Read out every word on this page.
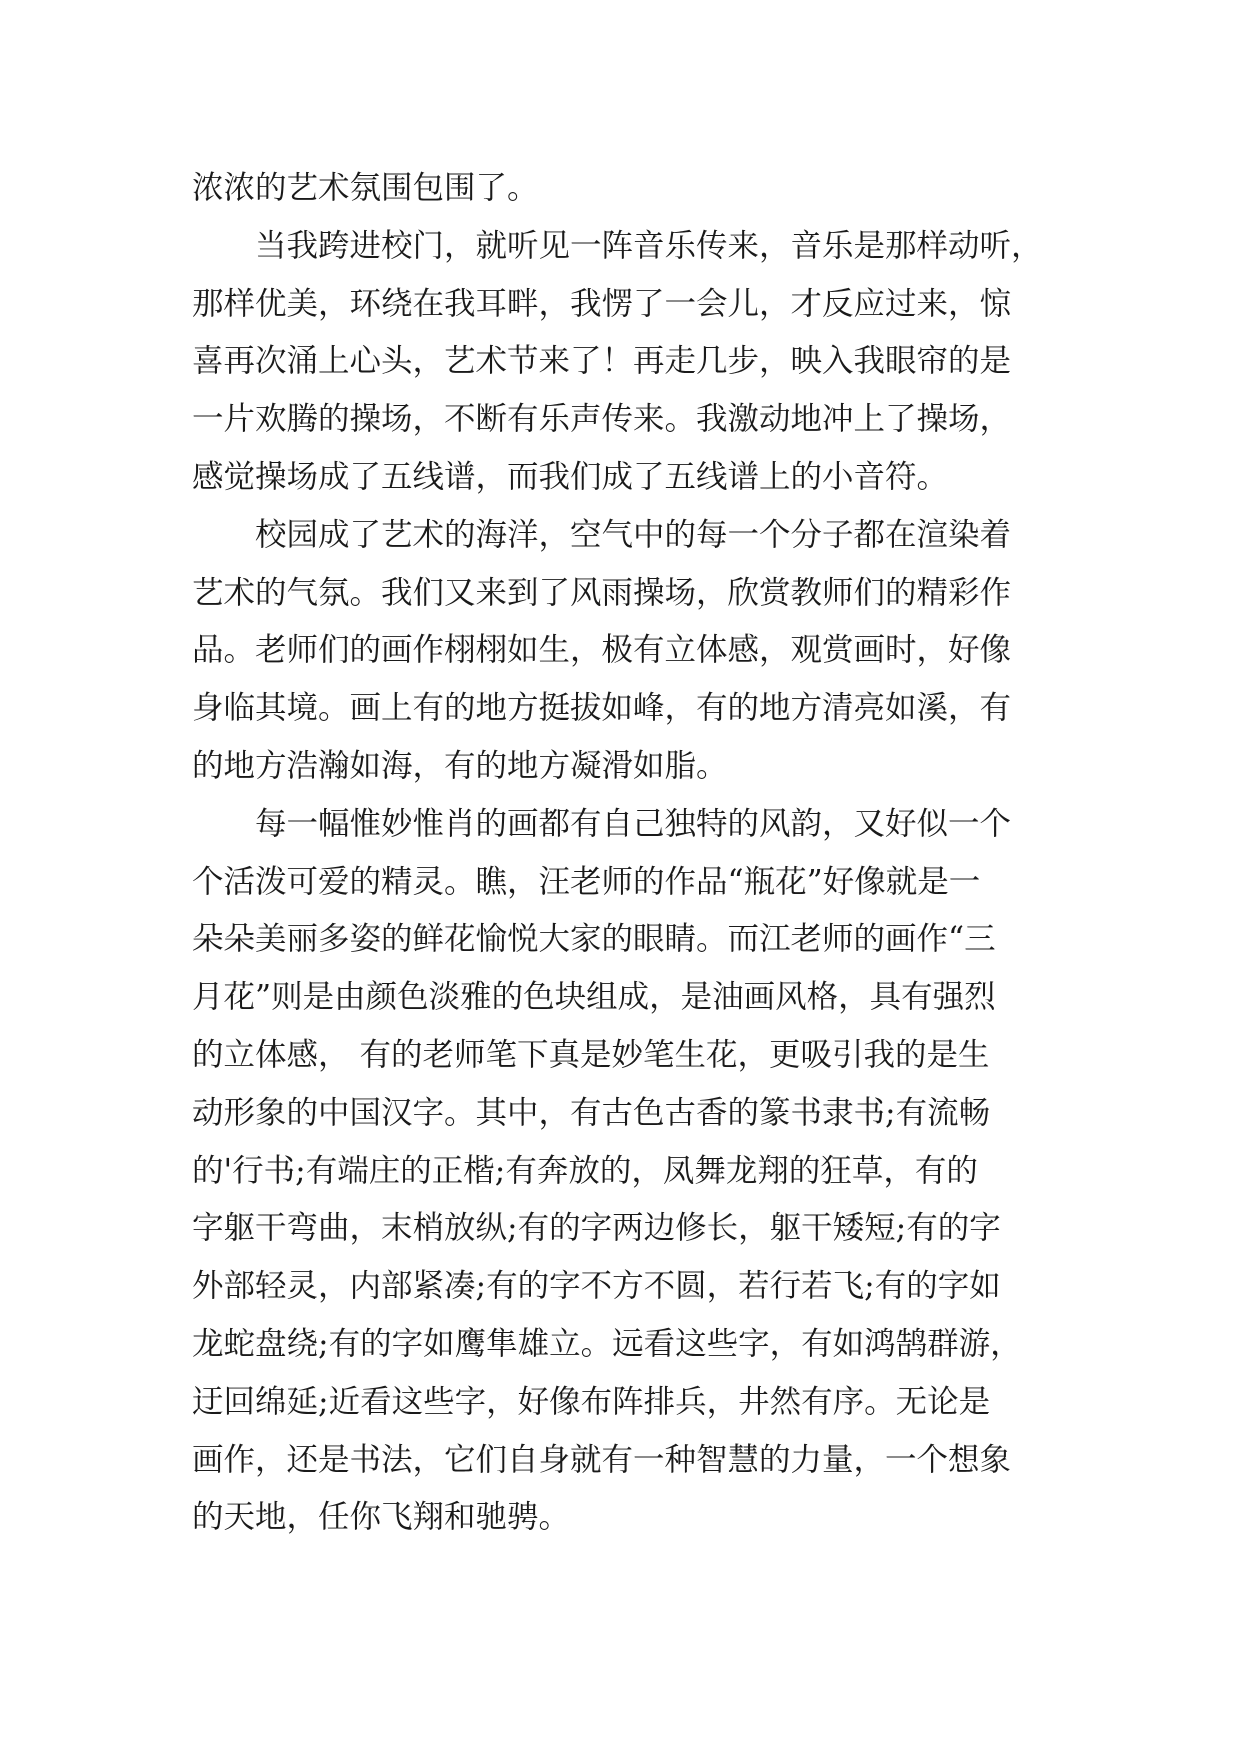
浓浓的艺术氛围包围了。
当我跨进校门，就听见一阵音乐传来，音乐是那样动听，
那样优美，环绕在我耳畔，我愣了一会儿，才反应过来，惊
喜再次涌上心头，艺术节来了！再走几步，映入我眼帘的是
一片欢腾的操场，不断有乐声传来。我激动地冲上了操场，
感觉操场成了五线谱，而我们成了五线谱上的小音符。
校园成了艺术的海洋，空气中的每一个分子都在渲染着
艺术的气氛。我们又来到了风雨操场，欣赏教师们的精彩作
品。老师们的画作栩栩如生，极有立体感，观赏画时，好像
身临其境。画上有的地方挺拔如峰，有的地方清亮如溪，有
的地方浩瀚如海，有的地方凝滑如脂。
每一幅惟妙惟肖的画都有自己独特的风韵，又好似一个
个活泼可爱的精灵。瞧，汪老师的作品“瓶花”好像就是一
朵朵美丽多姿的鲜花愉悦大家的眼睛。而江老师的画作“三
月花”则是由颜色淡雅的色块组成，是油画风格，具有强烈
的立体感， 有的老师笔下真是妙笔生花，更吸引我的是生
动形象的中国汉字。其中，有古色古香的篆书隶书;有流畅
的'行书;有端庄的正楷;有奔放的，凤舞龙翔的狂草，有的
字躯干弯曲，末梢放纵;有的字两边修长，躯干矮短;有的字
外部轻灵，内部紧凑;有的字不方不圆，若行若飞;有的字如
龙蛇盘绕;有的字如鹰隼雄立。远看这些字，有如鸿鹄群游，
迂回绵延;近看这些字，好像布阵排兵，井然有序。无论是
画作，还是书法，它们自身就有一种智慧的力量，一个想象
的天地，任你飞翔和驰骋。
